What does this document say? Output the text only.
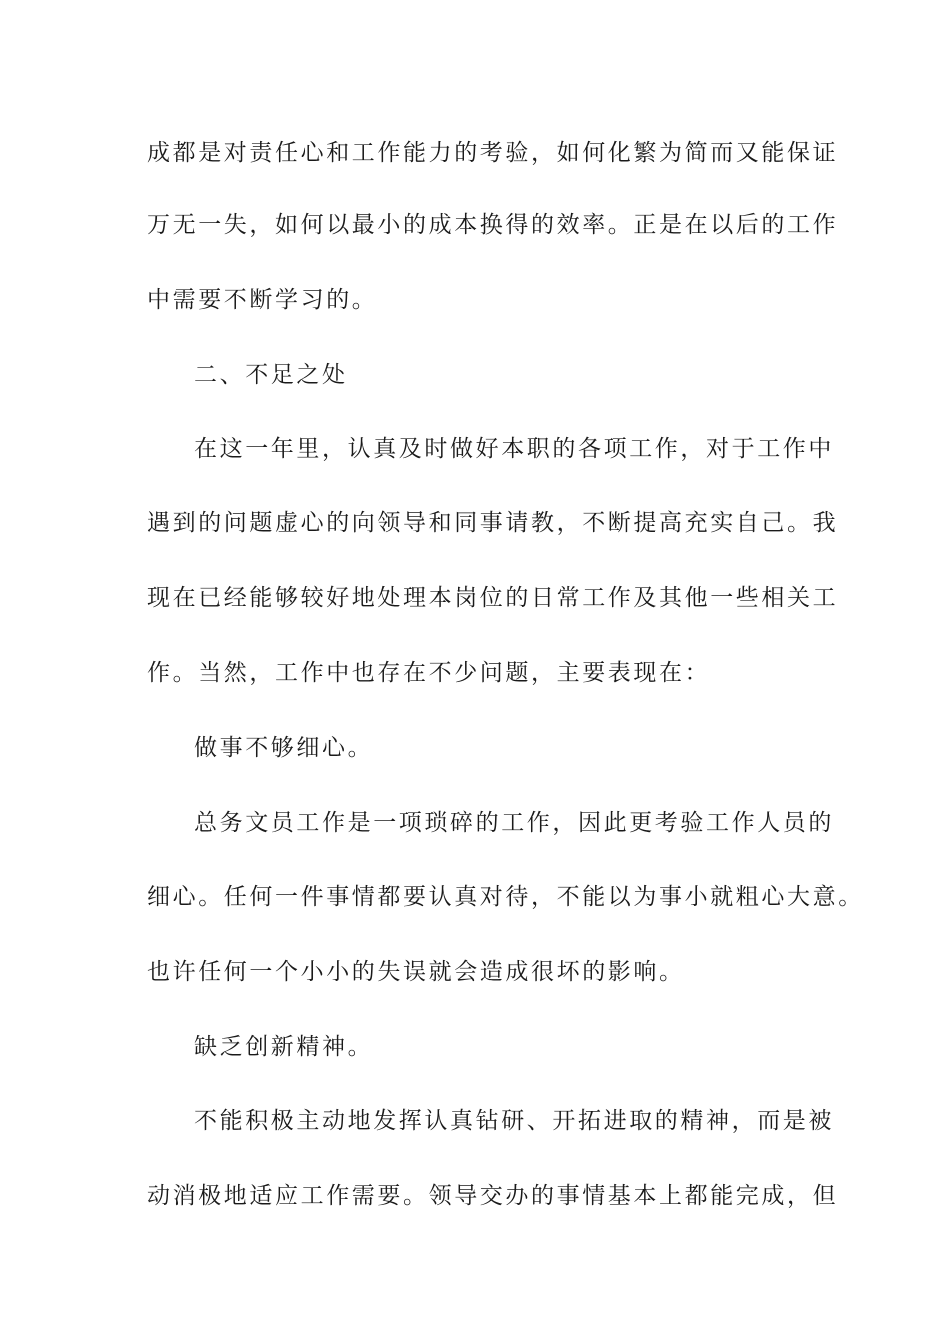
成都是对责任心和工作能力的考验，如何化繁为简而又能保证
万无一失，如何以最小的成本换得的效率。正是在以后的工作
中需要不断学习的。
二、不足之处
在这一年里，认真及时做好本职的各项工作，对于工作中
遇到的问题虚心的向领导和同事请教，不断提高充实自己。我
现在已经能够较好地处理本岗位的日常工作及其他一些相关工
作。当然，工作中也存在不少问题，主要表现在：
做事不够细心。
总务文员工作是一项琐碎的工作，因此更考验工作人员的
细心。任何一件事情都要认真对待，不能以为事小就粗心大意。
也许任何一个小小的失误就会造成很坏的影响。
缺乏创新精神。
不能积极主动地发挥认真钻研、开拓进取的精神，而是被
动消极地适应工作需要。领导交办的事情基本上都能完成，但
